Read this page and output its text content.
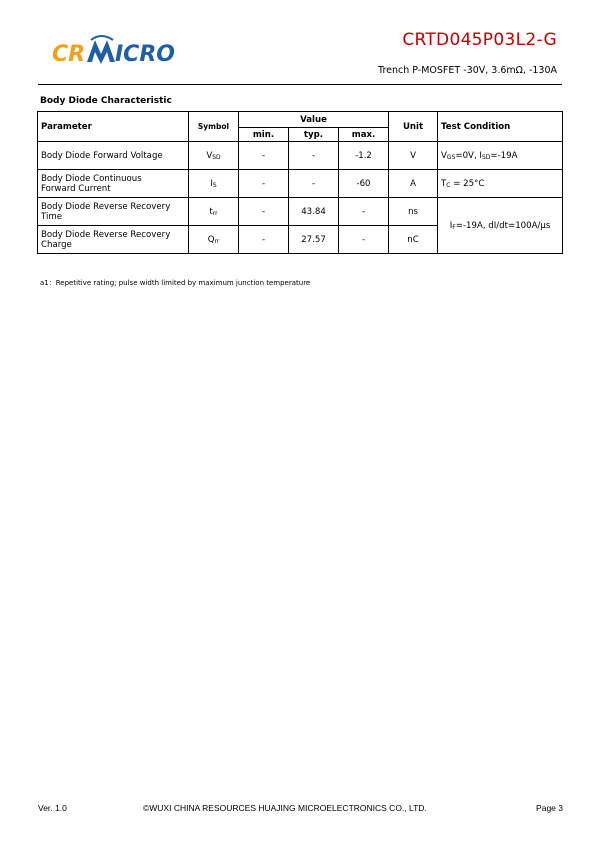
CR ICRO
CRTD045P03L2-G
Trench P-MOSFET -30V, 3.6mΩ, -130A
Body Diode Characteristic
Parameter	Symbol	Value			Unit	Test Condition
		min.	typ.	max.		
Body Diode Forward Voltage	$V_{SD}$	-	-	-1.2	V	$V_{GS}=0V$, $I_{SD}=-19A$
Body Diode Continuous
Forward Current	$I_S$	-	-	-60	A	$T_C = 25^\circ C$
Body Diode Reverse Recovery
Time	$t_{rr}$	-	43.84	-	ns	$I_F=-19A$, dI/dt=100A/μs
Body Diode Reverse Recovery
Charge	$Q_{rr}$	-	27.57	-	nC	
a1：Repetitive rating; pulse width limited by maximum junction temperature
Ver. 1.0	©WUXI CHINA RESOURCES HUAJING MICROELECTRONICS CO., LTD.	Page 3
